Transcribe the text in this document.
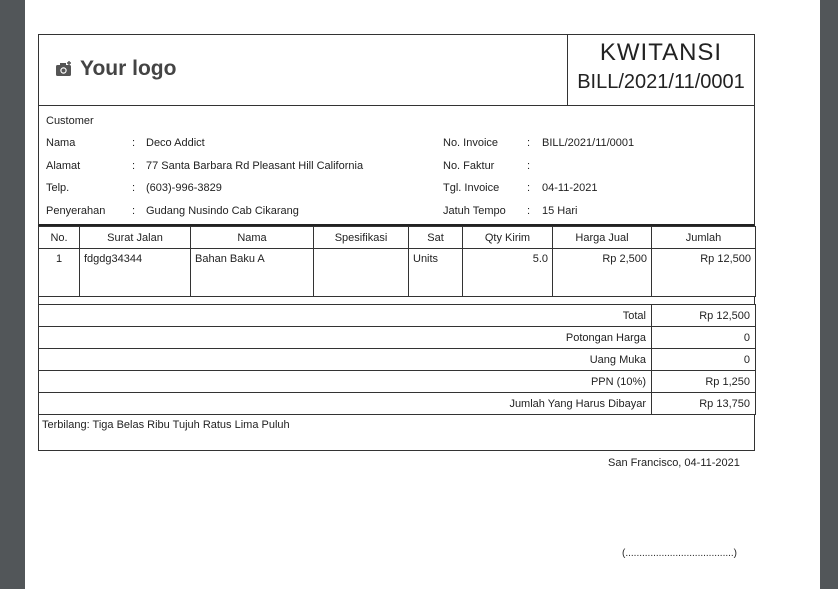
Your logo
KWITANSI
BILL/2021/11/0001
Customer
Nama	: Deco Addict
Alamat	: 77 Santa Barbara Rd Pleasant Hill California
Telp.	: (603)-996-3829
Penyerahan : Gudang Nusindo Cab Cikarang
No. Invoice	: BILL/2021/11/0001
No. Faktur	:
Tgl. Invoice	: 04-11-2021
Jatuh Tempo : 15 Hari
No.	Surat Jalan	Nama	Spesifikasi	Sat	Qty Kirim	Harga Jual	Jumlah
1	fdgdg34344	Bahan Baku A		Units	5.0	Rp 2,500	Rp 12,500
Total	Rp 12,500
Potongan Harga	0
Uang Muka	0
PPN (10%)	Rp 1,250
Jumlah Yang Harus Dibayar	Rp 13,750
Terbilang: Tiga Belas Ribu Tujuh Ratus Lima Puluh
San Francisco, 04-11-2021
(.......................................)
